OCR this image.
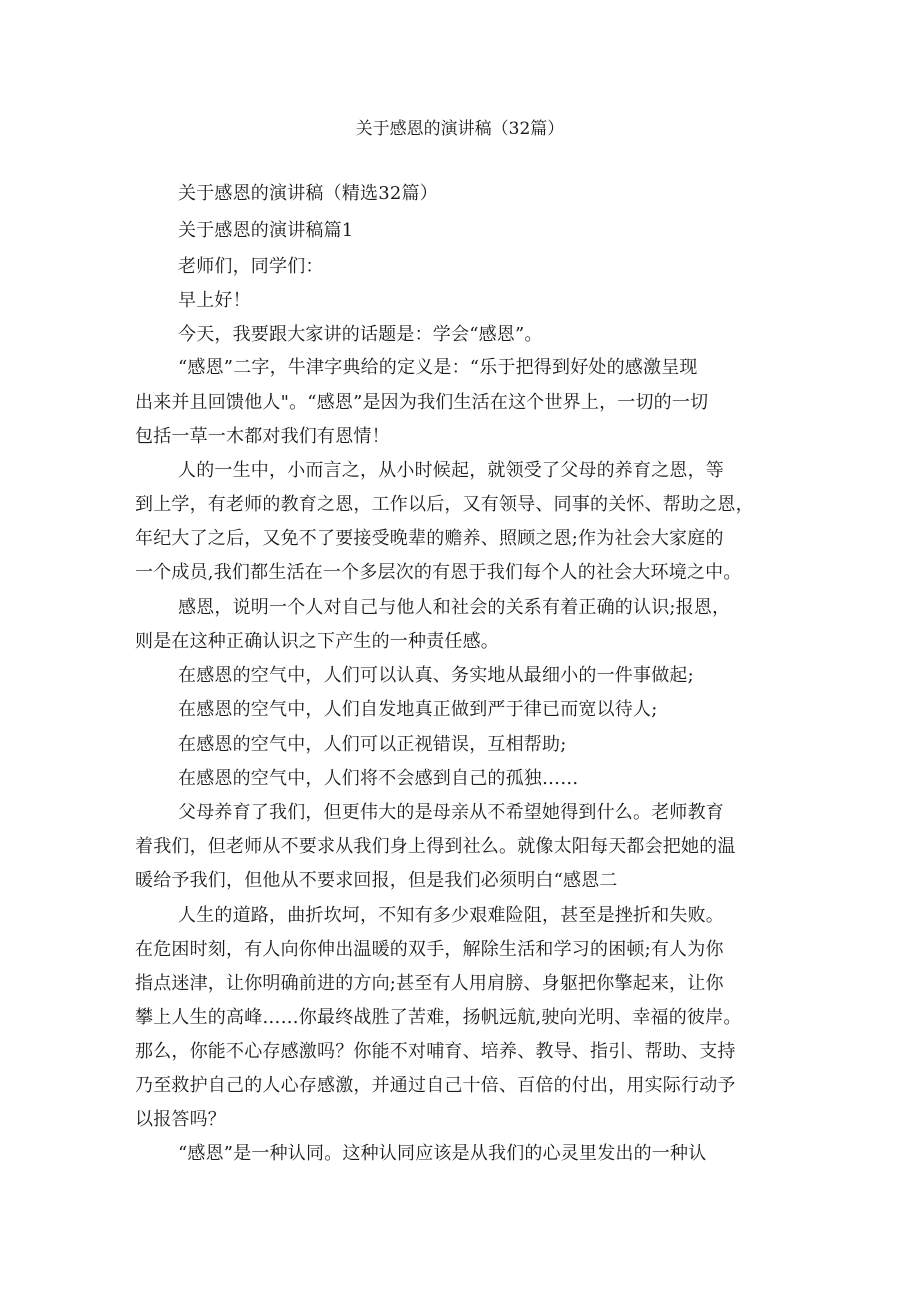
关于感恩的演讲稿（32篇）
关于感恩的演讲稿（精选32篇）
关于感恩的演讲稿篇1
老师们，同学们：
早上好！
今天，我要跟大家讲的话题是：学会“感恩”。
“感恩”二字，牛津字典给的定义是：“乐于把得到好处的感激呈现
出来并且回馈他人"。“感恩”是因为我们生活在这个世界上，一切的一切
包括一草一木都对我们有恩情！
人的一生中，小而言之，从小时候起，就领受了父母的养育之恩，等
到上学，有老师的教育之恩，工作以后，又有领导、同事的关怀、帮助之恩，
年纪大了之后，又免不了要接受晚辈的赡养、照顾之恩;作为社会大家庭的
一个成员,我们都生活在一个多层次的有恩于我们每个人的社会大环境之中。
感恩，说明一个人对自己与他人和社会的关系有着正确的认识;报恩，
则是在这种正确认识之下产生的一种责任感。
在感恩的空气中，人们可以认真、务实地从最细小的一件事做起;
在感恩的空气中，人们自发地真正做到严于律已而宽以待人;
在感恩的空气中，人们可以正视错误，互相帮助;
在感恩的空气中，人们将不会感到自己的孤独……
父母养育了我们，但更伟大的是母亲从不希望她得到什么。老师教育
着我们，但老师从不要求从我们身上得到社么。就像太阳每天都会把她的温
暖给予我们，但他从不要求回报，但是我们必须明白“感恩二
人生的道路，曲折坎坷，不知有多少艰难险阻，甚至是挫折和失败。
在危困时刻，有人向你伸出温暖的双手，解除生活和学习的困顿;有人为你
指点迷津，让你明确前进的方向;甚至有人用肩膀、身躯把你擎起来，让你
攀上人生的高峰……你最终战胜了苦难，扬帆远航,驶向光明、幸福的彼岸。
那么，你能不心存感激吗？你能不对哺育、培养、教导、指引、帮助、支持
乃至救护自己的人心存感激，并通过自己十倍、百倍的付出，用实际行动予
以报答吗？
“感恩”是一种认同。这种认同应该是从我们的心灵里发出的一种认
